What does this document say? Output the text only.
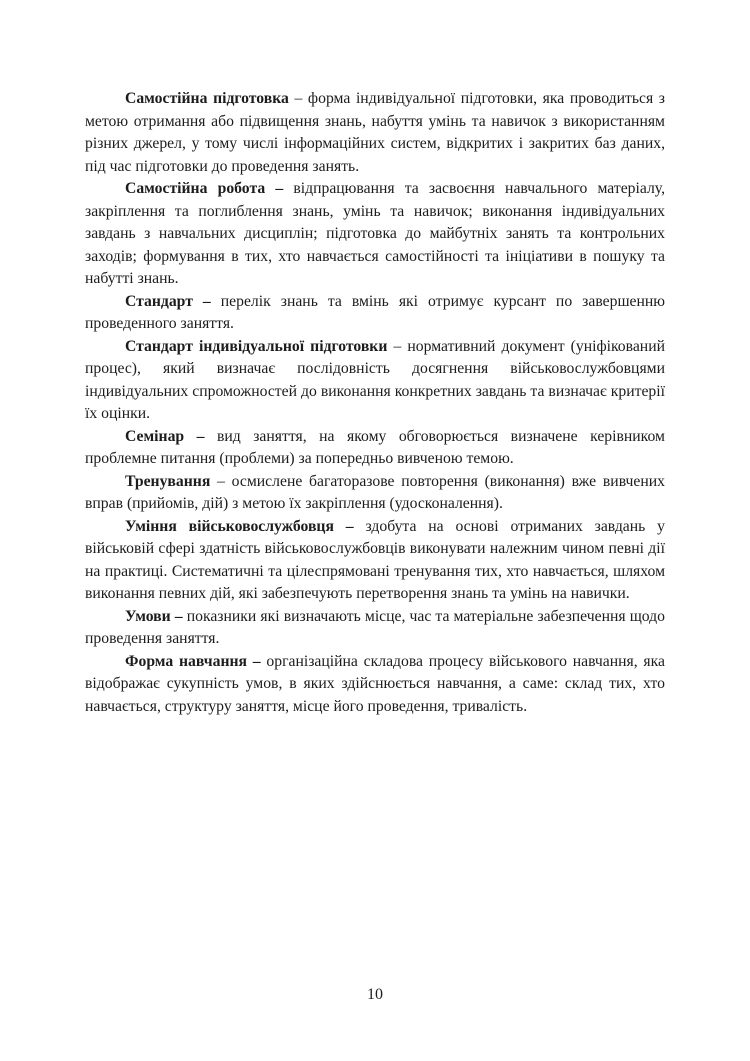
Самостійна підготовка – форма індивідуальної підготовки, яка проводиться з метою отримання або підвищення знань, набуття умінь та навичок з використанням різних джерел, у тому числі інформаційних систем, відкритих і закритих баз даних, під час підготовки до проведення занять.

Самостійна робота – відпрацювання та засвоєння навчального матеріалу, закріплення та поглиблення знань, умінь та навичок; виконання індивідуальних завдань з навчальних дисциплін; підготовка до майбутніх занять та контрольних заходів; формування в тих, хто навчається самостійності та ініціативи в пошуку та набутті знань.

Стандарт – перелік знань та вмінь які отримує курсант по завершенню проведенного заняття.

Стандарт індивідуальної підготовки – нормативний документ (уніфікований процес), який визначає послідовність досягнення військовослужбовцями індивідуальних спроможностей до виконання конкретних завдань та визначає критерії їх оцінки.

Семінар – вид заняття, на якому обговорюється визначене керівником проблемне питання (проблеми) за попередньо вивченою темою.

Тренування – осмислене багаторазове повторення (виконання) вже вивчених вправ (прийомів, дій) з метою їх закріплення (удосконалення).

Уміння військовослужбовця – здобута на основі отриманих завдань у військовій сфері здатність військовослужбовців виконувати належним чином певні дії на практиці. Систематичні та цілеспрямовані тренування тих, хто навчається, шляхом виконання певних дій, які забезпечують перетворення знань та умінь на навички.

Умови – показники які визначають місце, час та матеріальне забезпечення щодо проведення заняття.

Форма навчання – організаційна складова процесу військового навчання, яка відображає сукупність умов, в яких здійснюється навчання, а саме: склад тих, хто навчається, структуру заняття, місце його проведення, тривалість.

10
